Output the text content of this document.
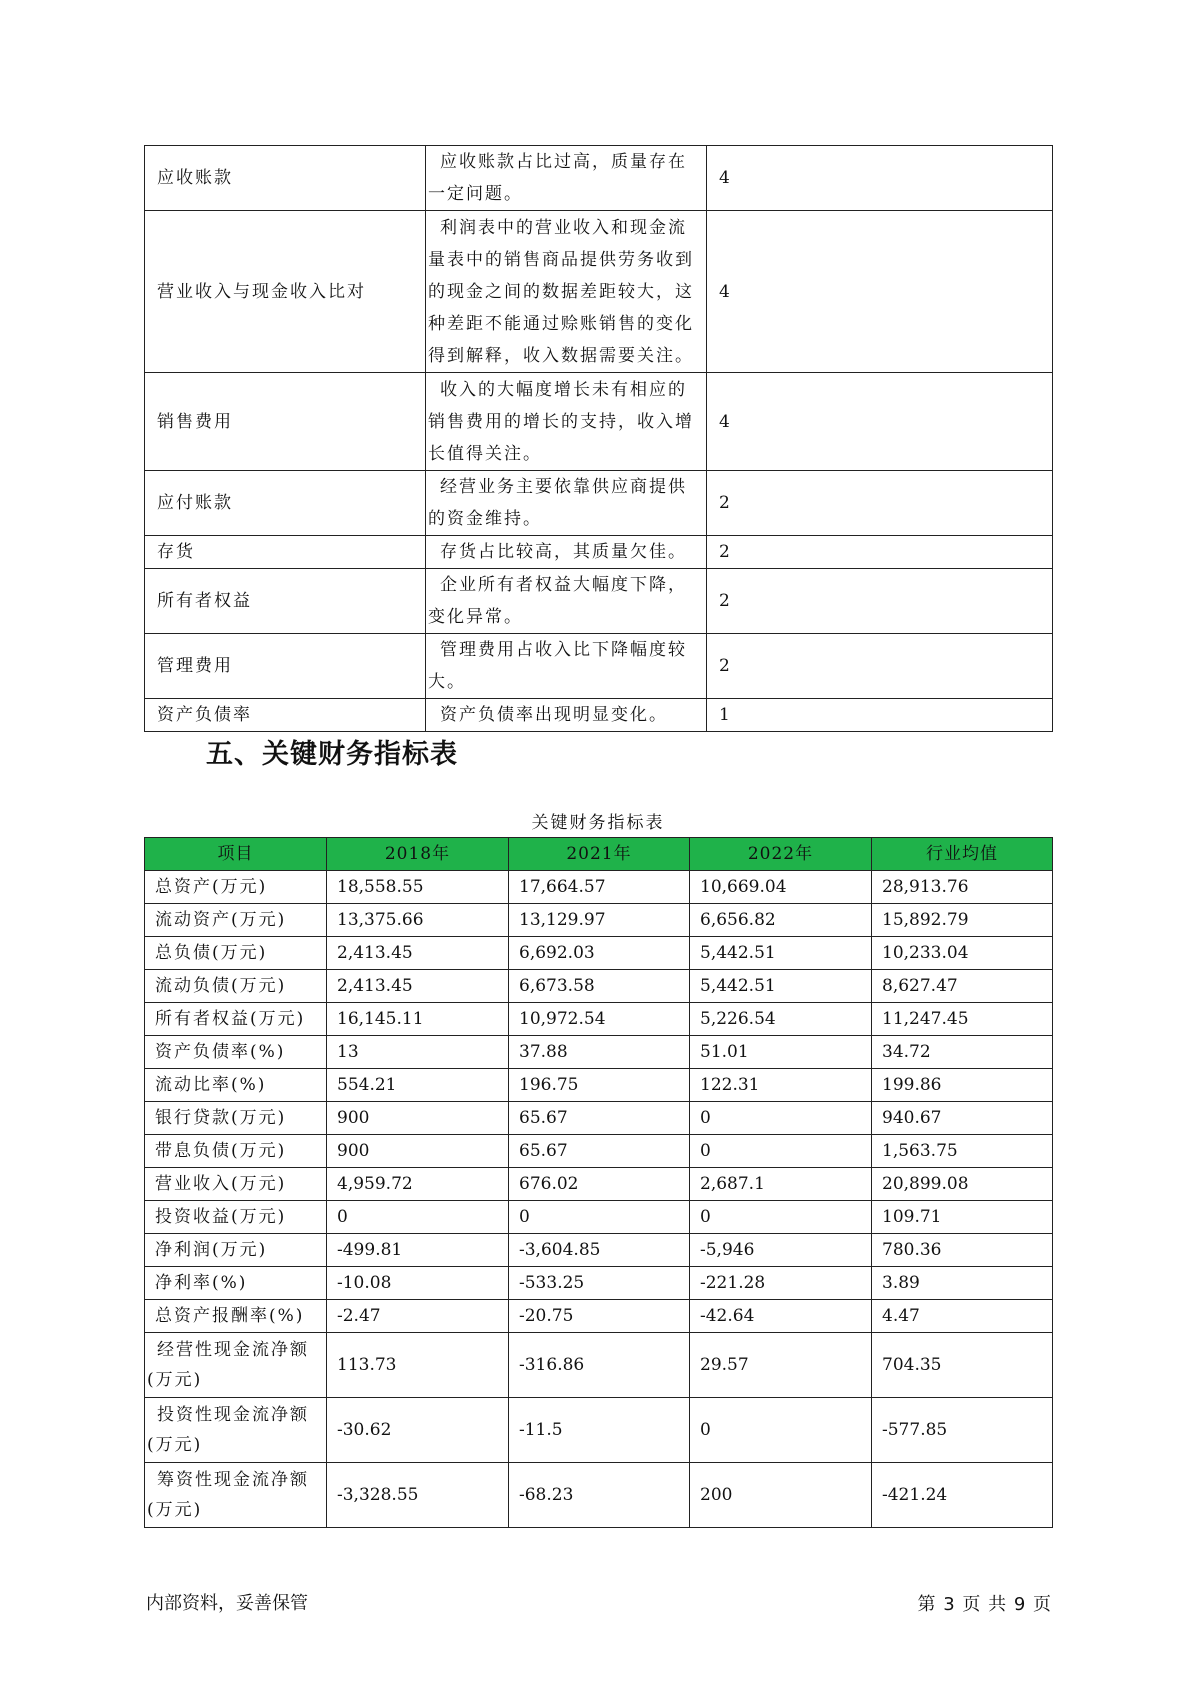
应收账款	应收账款占比过高，质量存在一定问题。	4
营业收入与现金收入比对	利润表中的营业收入和现金流量表中的销售商品提供劳务收到的现金之间的数据差距较大，这种差距不能通过赊账销售的变化得到解释，收入数据需要关注。	4
销售费用	收入的大幅度增长未有相应的销售费用的增长的支持，收入增长值得关注。	4
应付账款	经营业务主要依靠供应商提供的资金维持。	2
存货	存货占比较高，其质量欠佳。	2
所有者权益	企业所有者权益大幅度下降，变化异常。	2
管理费用	管理费用占收入比下降幅度较大。	2
资产负债率	资产负债率出现明显变化。	1
五、关键财务指标表
关键财务指标表
项目	2018年	2021年	2022年	行业均值
总资产(万元)	18,558.55	17,664.57	10,669.04	28,913.76
流动资产(万元)	13,375.66	13,129.97	6,656.82	15,892.79
总负债(万元)	2,413.45	6,692.03	5,442.51	10,233.04
流动负债(万元)	2,413.45	6,673.58	5,442.51	8,627.47
所有者权益(万元)	16,145.11	10,972.54	5,226.54	11,247.45
资产负债率(%)	13	37.88	51.01	34.72
流动比率(%)	554.21	196.75	122.31	199.86
银行贷款(万元)	900	65.67	0	940.67
带息负债(万元)	900	65.67	0	1,563.75
营业收入(万元)	4,959.72	676.02	2,687.1	20,899.08
投资收益(万元)	0	0	0	109.71
净利润(万元)	-499.81	-3,604.85	-5,946	780.36
净利率(%)	-10.08	-533.25	-221.28	3.89
总资产报酬率(%)	-2.47	-20.75	-42.64	4.47

经营性现金流净额
(万元)	113.73	-316.86	29.57	704.35

投资性现金流净额
(万元)	-30.62	-11.5	0	-577.85

筹资性现金流净额
(万元)	-3,328.55	-68.23	200	-421.24
内部资料，妥善保管	第 3 页 共 9 页
